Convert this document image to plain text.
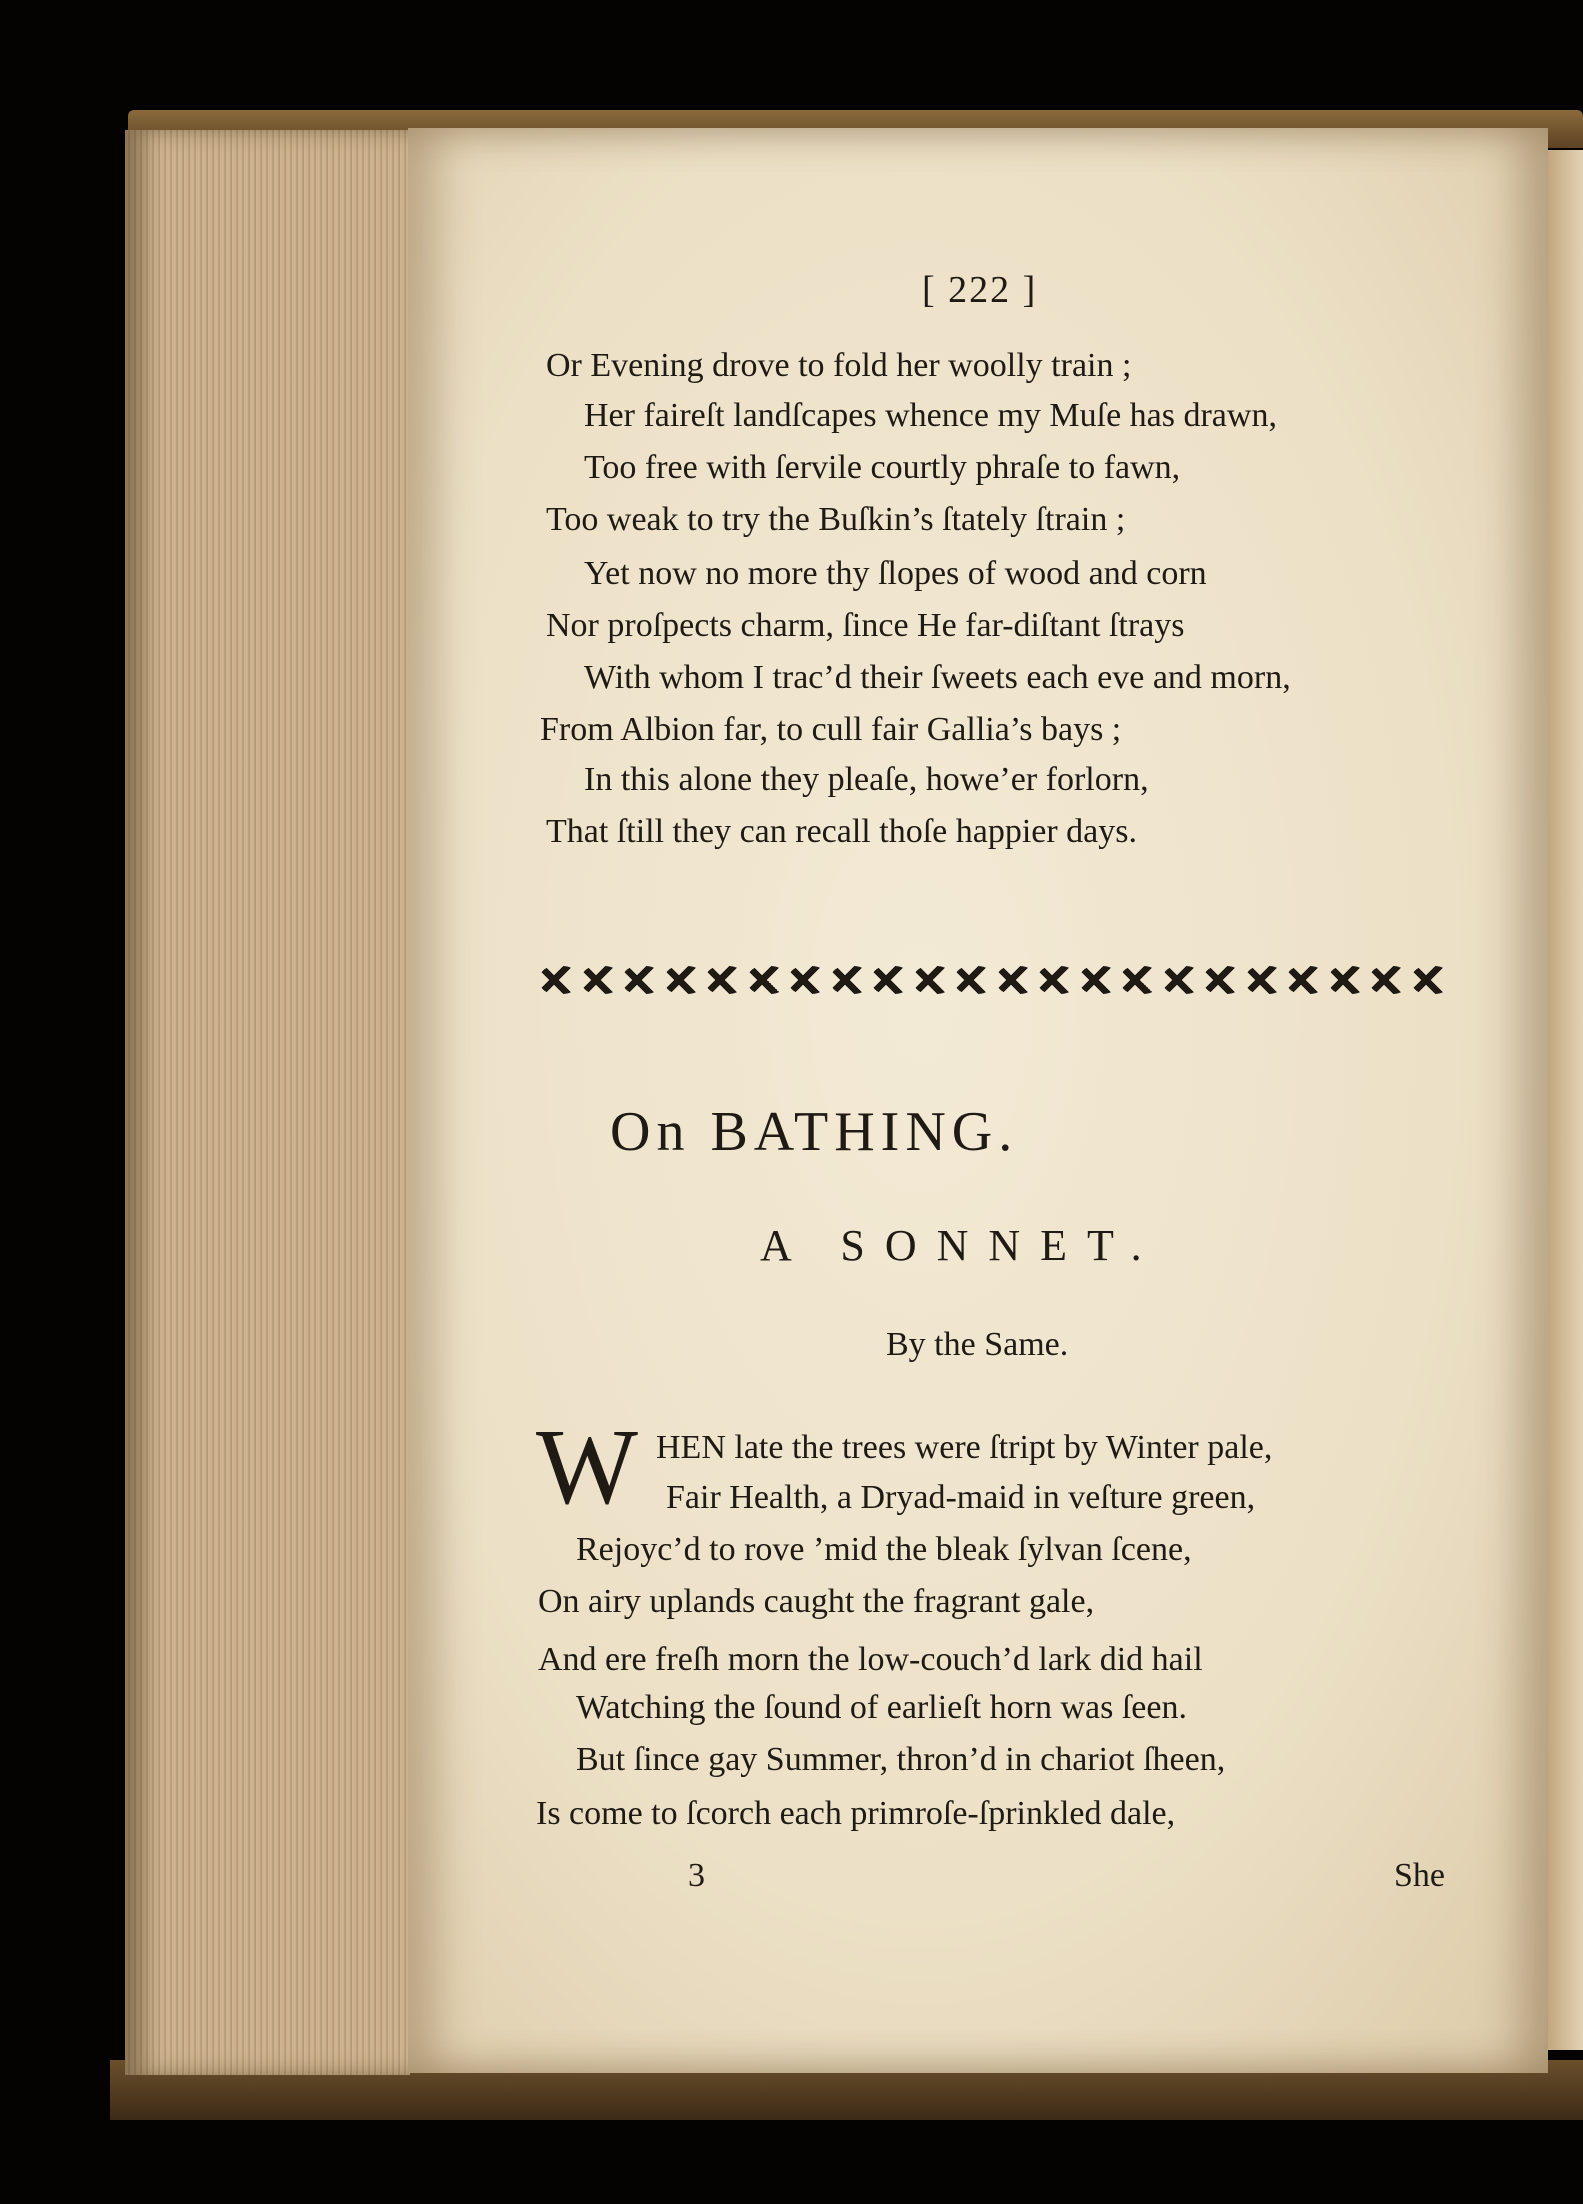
[ 222 ]
Or Evening drove to fold her woolly train ;
Her faireſt landſcapes whence my Muſe has drawn,
Too free with ſervile courtly phraſe to fawn,
Too weak to try the Buſkin’s ſtately ſtrain ;
Yet now no more thy ſlopes of wood and corn
Nor proſpects charm, ſince He far-diſtant ſtrays
With whom I trac’d their ſweets each eve and morn,
From Albion far, to cull fair Gallia’s bays ;
In this alone they pleaſe, howe’er forlorn,
That ſtill they can recall thoſe happier days.
On BATHING.
A SONNET.
By the Same.
W HEN late the trees were ſtript by Winter pale,
Fair Health, a Dryad-maid in veſture green,
Rejoyc’d to rove ’mid the bleak ſylvan ſcene,
On airy uplands caught the fragrant gale,
And ere freſh morn the low-couch’d lark did hail
Watching the ſound of earlieſt horn was ſeen.
But ſince gay Summer, thron’d in chariot ſheen,
Is come to ſcorch each primroſe-ſprinkled dale,
3	She
